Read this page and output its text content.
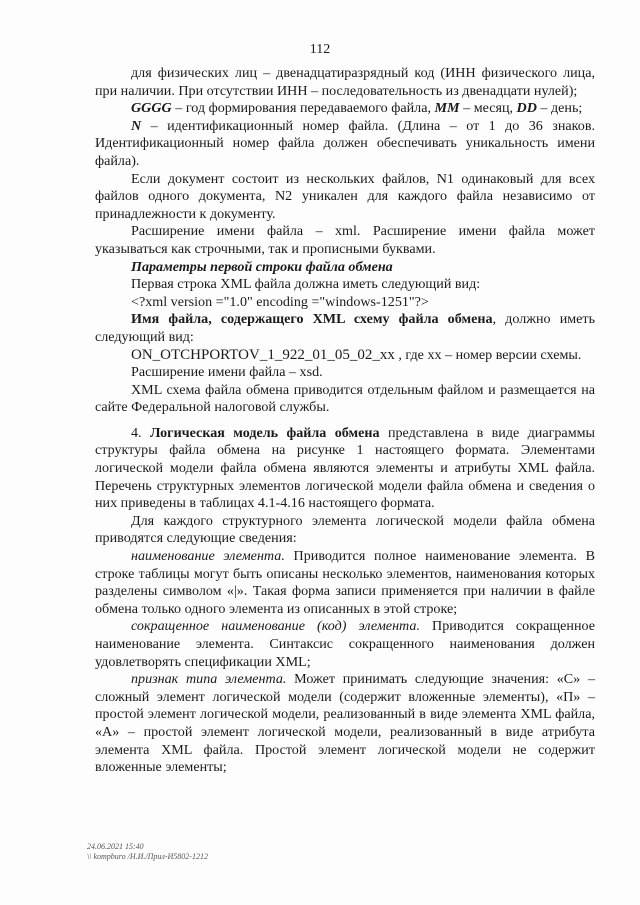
112

для физических лиц – двенадцатиразрядный код (ИНН физического лица, при наличии. При отсутствии ИНН – последовательность из двенадцати нулей);

GGGG – год формирования передаваемого файла, MM – месяц, DD – день;

N – идентификационный номер файла. (Длина – от 1 до 36 знаков. Идентификационный номер файла должен обеспечивать уникальность имени файла).

Если документ состоит из нескольких файлов, N1 одинаковый для всех файлов одного документа, N2 уникален для каждого файла независимо от принадлежности к документу.

Расширение имени файла – xml. Расширение имени файла может указываться как строчными, так и прописными буквами.

Параметры первой строки файла обмена

Первая строка XML файла должна иметь следующий вид:

<?xml version ="1.0" encoding ="windows-1251"?>

Имя файла, содержащего XML схему файла обмена, должно иметь следующий вид:

ON_OTCHPORTOV_1_922_01_05_02_xx , где хх – номер версии схемы.

Расширение имени файла – xsd.

XML схема файла обмена приводится отдельным файлом и размещается на сайте Федеральной налоговой службы.

4. Логическая модель файла обмена представлена в виде диаграммы структуры файла обмена на рисунке 1 настоящего формата. Элементами логической модели файла обмена являются элементы и атрибуты XML файла. Перечень структурных элементов логической модели файла обмена и сведения о них приведены в таблицах 4.1-4.16 настоящего формата.

Для каждого структурного элемента логической модели файла обмена приводятся следующие сведения:

наименование элемента. Приводится полное наименование элемента. В строке таблицы могут быть описаны несколько элементов, наименования которых разделены символом «|». Такая форма записи применяется при наличии в файле обмена только одного элемента из описанных в этой строке;

сокращенное наименование (код) элемента. Приводится сокращенное наименование элемента. Синтаксис сокращенного наименования должен удовлетворять спецификации XML;

признак типа элемента. Может принимать следующие значения: «С» – сложный элемент логической модели (содержит вложенные элементы), «П» – простой элемент логической модели, реализованный в виде элемента XML файла, «А» – простой элемент логической модели, реализованный в виде атрибута элемента XML файла. Простой элемент логической модели не содержит вложенные элементы;

24.06.2021 15:40
\\ kompburo /Н.И./Прил-И5802-1212
